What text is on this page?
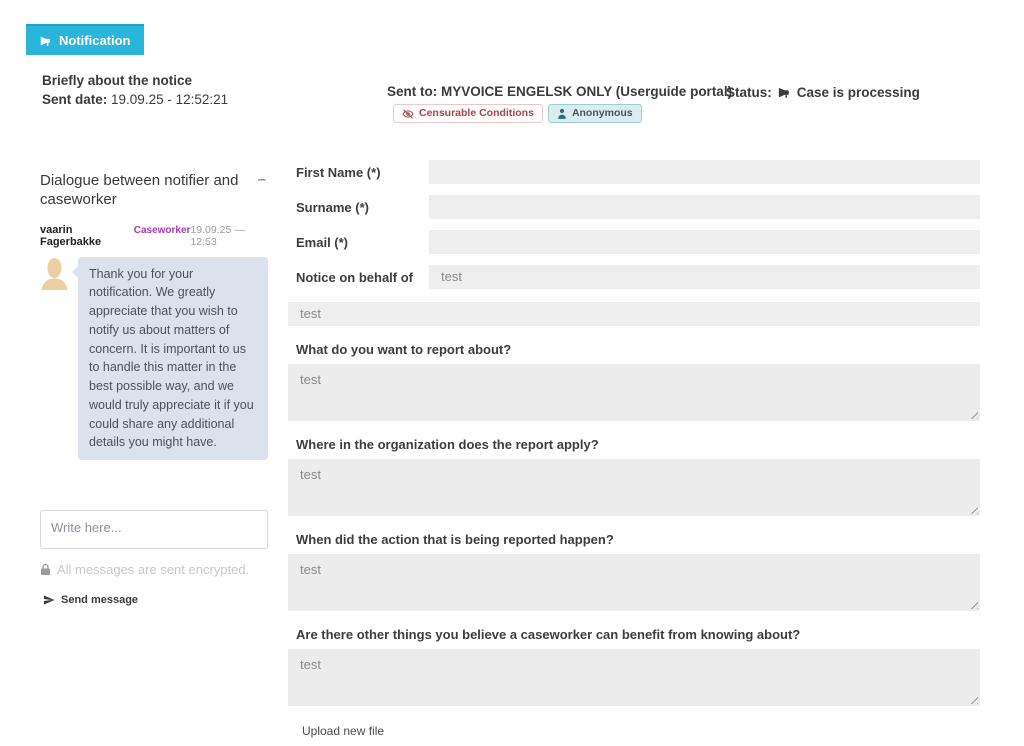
Notification
Briefly about the notice
Sent date: 19.09.25 - 12:52:21
Sent to: MYVOICE ENGELSK ONLY (Userguide portal)
Censurable Conditions	Anonymous
Status: Case is processing
Dialogue between notifier and caseworker
–
vaarin Fagerbakke
Caseworker 19.09.25 — 12:53
Thank you for your notification. We greatly appreciate that you wish to notify us about matters of concern. It is important to us to handle this matter in the best possible way, and we would truly appreciate it if you could share any additional details you might have.
Write here...
All messages are sent encrypted.
Send message
First Name (*)
Surname (*)
Email (*)
Notice on behalf of	test
test
What do you want to report about?
test
Where in the organization does the report apply?
test
When did the action that is being reported happen?
test
Are there other things you believe a caseworker can benefit from knowing about?
test
Upload new file
